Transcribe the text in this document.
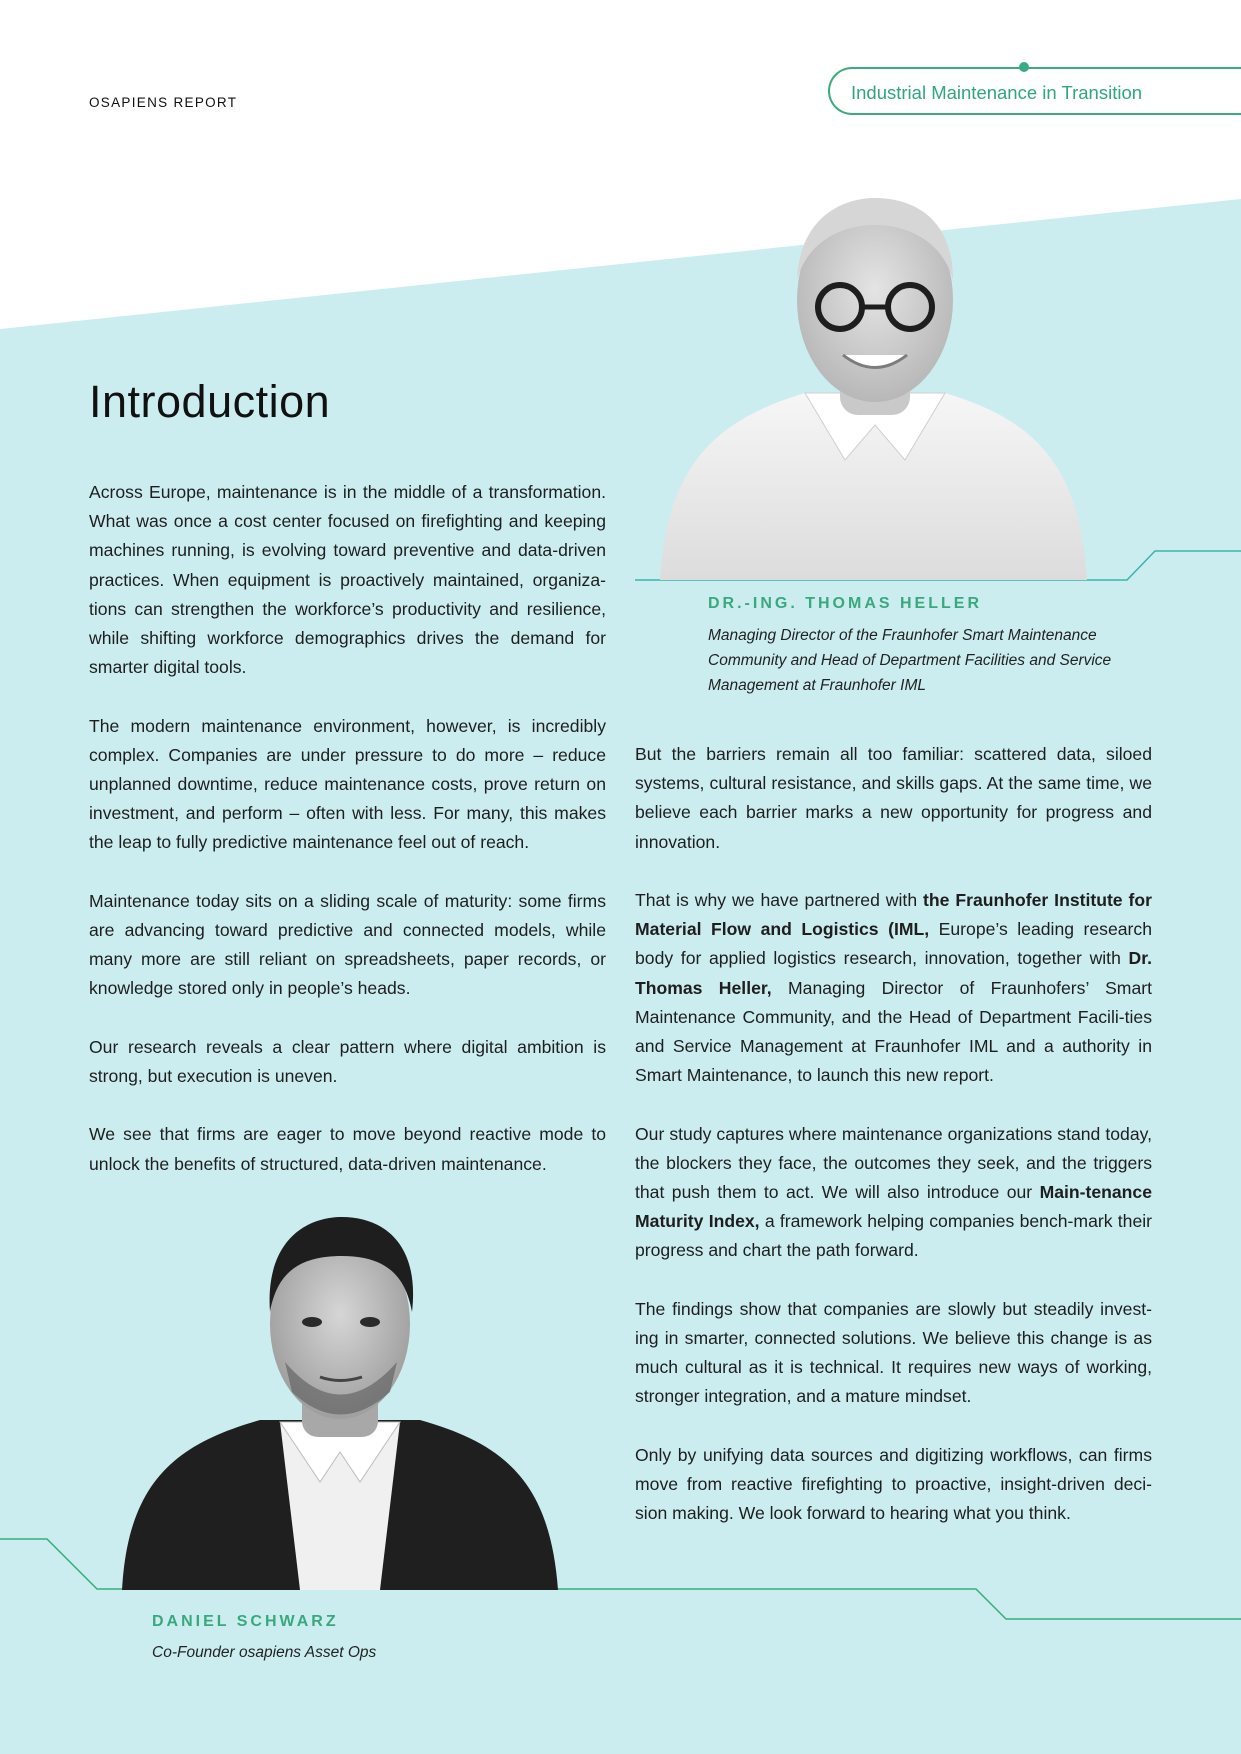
OSAPIENS REPORT	Industrial Maintenance in Transition
Introduction

Across Europe, maintenance is in the middle of a transformation. What was once a cost center focused on firefighting and keeping machines running, is evolving toward preventive and data-driven practices. When equipment is proactively maintained, organiza-tions can strengthen the workforce’s productivity and resilience, while shifting workforce demographics drives the demand for smarter digital tools.

The modern maintenance environment, however, is incredibly complex. Companies are under pressure to do more – reduce unplanned downtime, reduce maintenance costs, prove return on investment, and perform – often with less. For many, this makes the leap to fully predictive maintenance feel out of reach.

Maintenance today sits on a sliding scale of maturity: some firms are advancing toward predictive and connected models, while many more are still reliant on spreadsheets, paper records, or knowledge stored only in people’s heads.

Our research reveals a clear pattern where digital ambition is strong, but execution is uneven.

We see that firms are eager to move beyond reactive mode to unlock the benefits of structured, data-driven maintenance.

DR.-ING. THOMAS HELLER
Managing Director of the Fraunhofer Smart Maintenance Community and Head of Department Facilities and Service Management at Fraunhofer IML

But the barriers remain all too familiar: scattered data, siloed systems, cultural resistance, and skills gaps. At the same time, we believe each barrier marks a new opportunity for progress and innovation.

That is why we have partnered with the Fraunhofer Institute for Material Flow and Logistics (IML, Europe’s leading research body for applied logistics research, innovation, together with Dr. Thomas Heller, Managing Director of Fraunhofers’ Smart Maintenance Community, and the Head of Department Facili-ties and Service Management at Fraunhofer IML and a authority in Smart Maintenance, to launch this new report.

Our study captures where maintenance organizations stand today, the blockers they face, the outcomes they seek, and the triggers that push them to act. We will also introduce our Main-tenance Maturity Index, a framework helping companies bench-mark their progress and chart the path forward.

The findings show that companies are slowly but steadily invest-ing in smarter, connected solutions. We believe this change is as much cultural as it is technical. It requires new ways of working, stronger integration, and a mature mindset.

Only by unifying data sources and digitizing workflows, can firms move from reactive firefighting to proactive, insight-driven deci-sion making. We look forward to hearing what you think.

DANIEL SCHWARZ
Co-Founder osapiens Asset Ops
